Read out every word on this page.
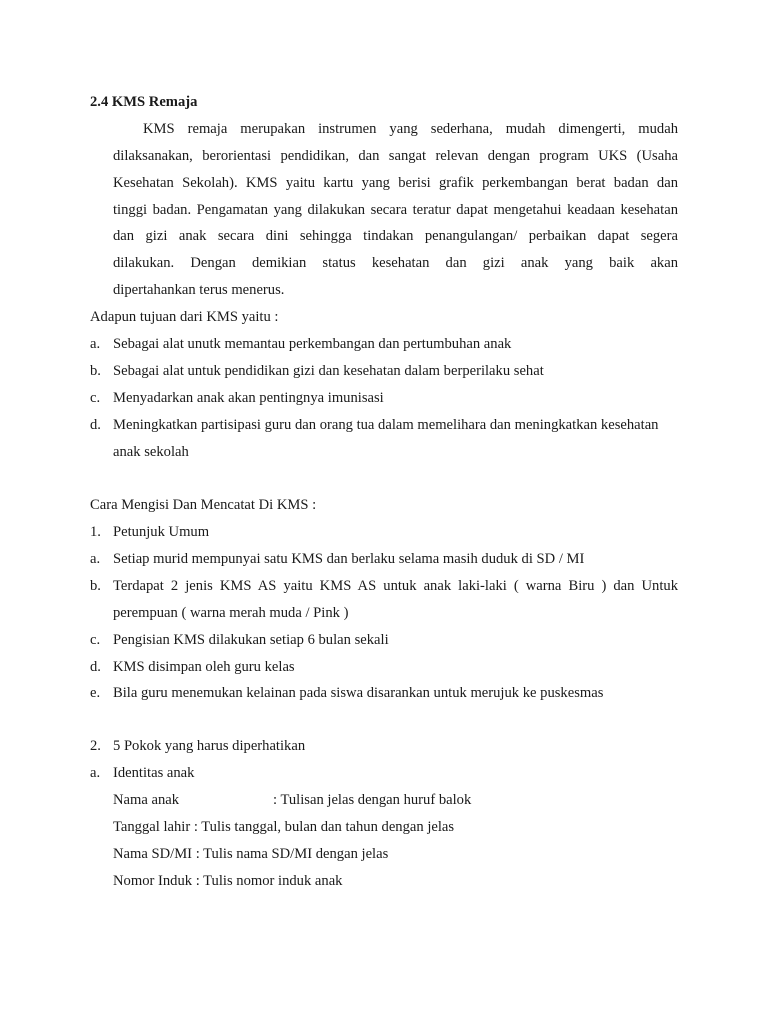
2.4 KMS Remaja
KMS remaja merupakan instrumen yang sederhana, mudah dimengerti, mudah
dilaksanakan, berorientasi pendidikan, dan sangat relevan dengan program UKS (Usaha
Kesehatan Sekolah). KMS yaitu kartu yang berisi grafik perkembangan berat badan dan
tinggi badan. Pengamatan yang dilakukan secara teratur dapat mengetahui keadaan kesehatan
dan gizi anak secara dini sehingga tindakan penangulangan/ perbaikan dapat segera
dilakukan. Dengan demikian status kesehatan dan gizi anak yang baik akan
dipertahankan terus menerus.
Adapun tujuan dari KMS yaitu :
a. Sebagai alat unutk memantau perkembangan dan pertumbuhan anak
b. Sebagai alat untuk pendidikan gizi dan kesehatan dalam berperilaku sehat
c. Menyadarkan anak akan pentingnya imunisasi
d. Meningkatkan partisipasi guru dan orang tua dalam memelihara dan meningkatkan kesehatan
anak sekolah
Cara Mengisi Dan Mencatat Di KMS :
1. Petunjuk Umum
a. Setiap murid mempunyai satu KMS dan berlaku selama masih duduk di SD / MI
b. Terdapat 2 jenis KMS AS yaitu KMS AS untuk anak laki-laki ( warna Biru ) dan Untuk
perempuan ( warna merah muda / Pink )
c. Pengisian KMS dilakukan setiap 6 bulan sekali
d. KMS disimpan oleh guru kelas
e. Bila guru menemukan kelainan pada siswa disarankan untuk merujuk ke puskesmas
2. 5 Pokok yang harus diperhatikan
a. Identitas anak
Nama anak	: Tulisan jelas dengan huruf balok
Tanggal lahir : Tulis tanggal, bulan dan tahun dengan jelas
Nama SD/MI : Tulis nama SD/MI dengan jelas
Nomor Induk : Tulis nomor induk anak
